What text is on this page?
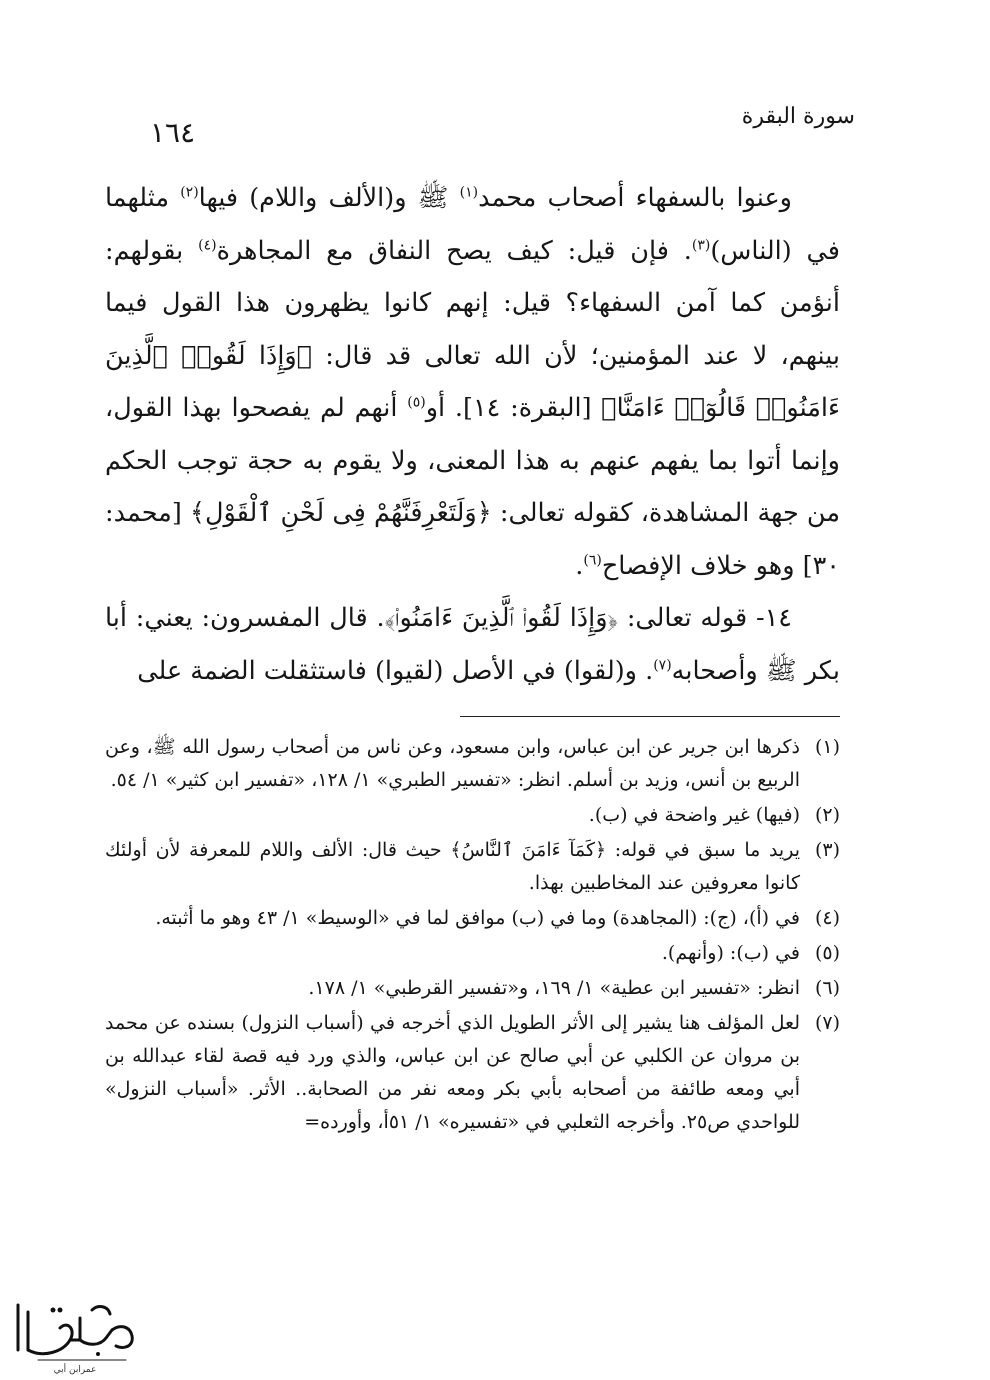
١٦٤	سورة البقرة

وعنوا بالسفهاء أصحاب محمد$^{(١)}$ ﷺ و(الألف واللام) فيها$^{(٢)}$ مثلهما في (الناس)$^{(٣)}$. فإن قيل: كيف يصح النفاق مع المجاهرة$^{(٤)}$ بقولهم: أنؤمن كما آمن السفهاء؟ قيل: إنهم كانوا يظهرون هذا القول فيما بينهم، لا عند المؤمنين؛ لأن الله تعالى قد قال: ﴿وَإِذَا لَقُوا۟ ٱلَّذِينَ ءَامَنُوا۟ قَالُوٓا۟ ءَامَنَّا﴾ [البقرة: ١٤]. أو$^{(٥)}$ أنهم لم يفصحوا بهذا القول، وإنما أتوا بما يفهم عنهم به هذا المعنى، ولا يقوم به حجة توجب الحكم من جهة المشاهدة، كقوله تعالى: ﴿وَلَتَعْرِفَنَّهُمْ فِى لَحْنِ ٱلْقَوْلِ﴾ [محمد: ٣٠] وهو خلاف الإفصاح$^{(٦)}$.

١٤- قوله تعالى: ﴿وَإِذَا لَقُوا۟ ٱلَّذِينَ ءَامَنُوا۟﴾. قال المفسرون: يعني: أبا بكر ﷺ وأصحابه$^{(٧)}$. و(لقوا) في الأصل (لقيوا) فاستثقلت الضمة على

(١)ذكرها ابن جرير عن ابن عباس، وابن مسعود، وعن ناس من أصحاب رسول الله ﷺ، وعن الربيع بن أنس، وزيد بن أسلم. انظر: «تفسير الطبري» ١/ ١٢٨، «تفسير ابن كثير» ١/ ٥٤.

(٢)(فيها) غير واضحة في (ب).

(٣)يريد ما سبق في قوله: ﴿كَمَآ ءَامَنَ ٱلنَّاسُ﴾ حيث قال: الألف واللام للمعرفة لأن أولئك كانوا معروفين عند المخاطبين بهذا.

(٤)في (أ)، (ج): (المجاهدة) وما في (ب) موافق لما في «الوسيط» ١/ ٤٣ وهو ما أثبته.

(٥)في (ب): (وأنهم).

(٦)انظر: «تفسير ابن عطية» ١/ ١٦٩، و«تفسير القرطبي» ١/ ١٧٨.

(٧)لعل المؤلف هنا يشير إلى الأثر الطويل الذي أخرجه في (أسباب النزول) بسنده عن محمد بن مروان عن الكلبي عن أبي صالح عن ابن عباس، والذي ورد فيه قصة لقاء عبدالله بن أبي ومعه طائفة من أصحابه بأبي بكر ومعه نفر من الصحابة.. الأثر. «أسباب النزول» للواحدي ص٢٥. وأخرجه الثعلبي في «تفسيره» ١/ ٥١أ، وأورده=

عمرابن أبي
